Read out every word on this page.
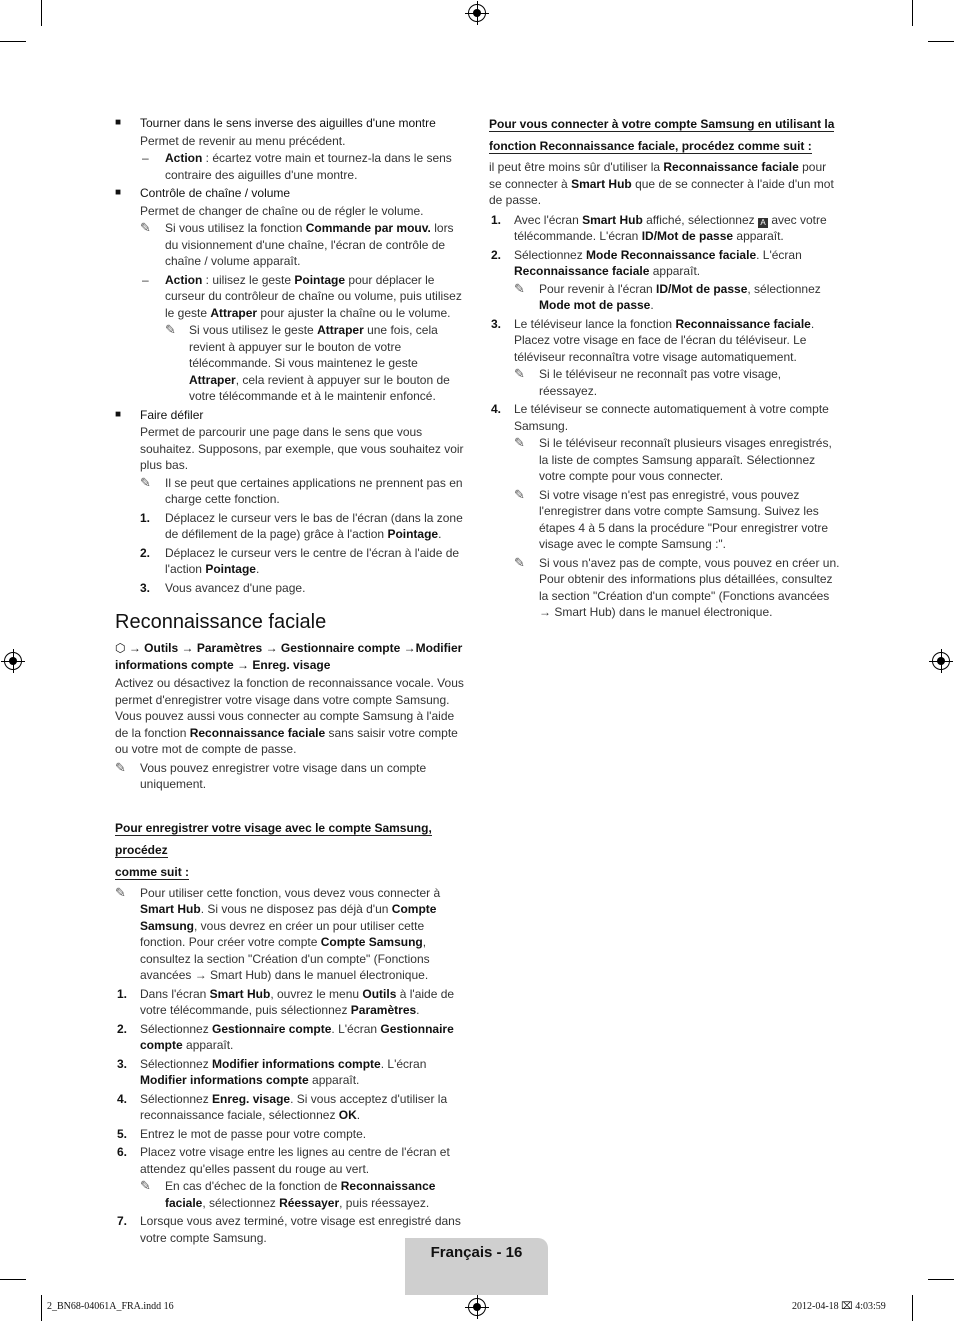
■ Tourner dans le sens inverse des aiguilles d'une montre
Permet de revenir au menu précédent.
– Action : écartez votre main et tournez-la dans le sens contraire des aiguilles d'une montre.
■ Contrôle de chaîne / volume
Permet de changer de chaîne ou de régler le volume.
✎ Si vous utilisez la fonction Commande par mouv. lors du visionnement d'une chaîne, l'écran de contrôle de chaîne / volume apparaît.
– Action : uilisez le geste Pointage pour déplacer le curseur du contrôleur de chaîne ou volume, puis utilisez le geste Attraper pour ajuster la chaîne ou le volume.
✎ Si vous utilisez le geste Attraper une fois, cela revient à appuyer sur le bouton de votre télécommande. Si vous maintenez le geste Attraper, cela revient à appuyer sur le bouton de votre télécommande et à le maintenir enfoncé.
■ Faire défiler
Permet de parcourir une page dans le sens que vous souhaitez. Supposons, par exemple, que vous souhaitez voir plus bas.
✎ Il se peut que certaines applications ne prennent pas en charge cette fonction.
1. Déplacez le curseur vers le bas de l'écran (dans la zone de défilement de la page) grâce à l'action Pointage.
2. Déplacez le curseur vers le centre de l'écran à l'aide de l'action Pointage.
3. Vous avancez d'une page.
Reconnaissance faciale
⬡ → Outils → Paramètres → Gestionnaire compte →Modifier informations compte → Enreg. visage
Activez ou désactivez la fonction de reconnaissance vocale. Vous permet d'enregistrer votre visage dans votre compte Samsung. Vous pouvez aussi vous connecter au compte Samsung à l'aide de la fonction Reconnaissance faciale sans saisir votre compte ou votre mot de compte de passe.
✎ Vous pouvez enregistrer votre visage dans un compte uniquement.
Pour enregistrer votre visage avec le compte Samsung, procédez
comme suit :
✎ Pour utiliser cette fonction, vous devez vous connecter à Smart Hub. Si vous ne disposez pas déjà d'un Compte Samsung, vous devrez en créer un pour utiliser cette fonction. Pour créer votre compte Compte Samsung, consultez la section "Création d'un compte" (Fonctions avancées → Smart Hub) dans le manuel électronique.
1. Dans l'écran Smart Hub, ouvrez le menu Outils à l'aide de votre télécommande, puis sélectionnez Paramètres.
2. Sélectionnez Gestionnaire compte. L'écran Gestionnaire compte apparaît.
3. Sélectionnez Modifier informations compte. L'écran Modifier informations compte apparaît.
4. Sélectionnez Enreg. visage. Si vous acceptez d'utiliser la reconnaissance faciale, sélectionnez OK.
5. Entrez le mot de passe pour votre compte.
6. Placez votre visage entre les lignes au centre de l'écran et attendez qu'elles passent du rouge au vert.
✎ En cas d'échec de la fonction de Reconnaissance faciale, sélectionnez Réessayer, puis réessayez.
7. Lorsque vous avez terminé, votre visage est enregistré dans votre compte Samsung.
Pour vous connecter à votre compte Samsung en utilisant la
fonction Reconnaissance faciale, procédez comme suit :
il peut être moins sûr d'utiliser la Reconnaissance faciale pour se connecter à Smart Hub que de se connecter à l'aide d'un mot de passe.
1. Avec l'écran Smart Hub affiché, sélectionnez A avec votre télécommande. L'écran ID/Mot de passe apparaît.
2. Sélectionnez Mode Reconnaissance faciale. L'écran Reconnaissance faciale apparaît.
✎ Pour revenir à l'écran ID/Mot de passe, sélectionnez Mode mot de passe.
3. Le téléviseur lance la fonction Reconnaissance faciale. Placez votre visage en face de l'écran du téléviseur. Le téléviseur reconnaîtra votre visage automatiquement.
✎ Si le téléviseur ne reconnaît pas votre visage, réessayez.
4. Le téléviseur se connecte automatiquement à votre compte Samsung.
✎ Si le téléviseur reconnaît plusieurs visages enregistrés, la liste de comptes Samsung apparaît. Sélectionnez votre compte pour vous connecter.
✎ Si votre visage n'est pas enregistré, vous pouvez l'enregistrer dans votre compte Samsung. Suivez les étapes 4 à 5 dans la procédure "Pour enregistrer votre visage avec le compte Samsung :".
✎ Si vous n'avez pas de compte, vous pouvez en créer un. Pour obtenir des informations plus détaillées, consultez la section "Création d'un compte" (Fonctions avancées → Smart Hub) dans le manuel électronique.
Français - 16
2_BN68-04061A_FRA.indd 16	2012-04-18 ⌧ 4:03:59
